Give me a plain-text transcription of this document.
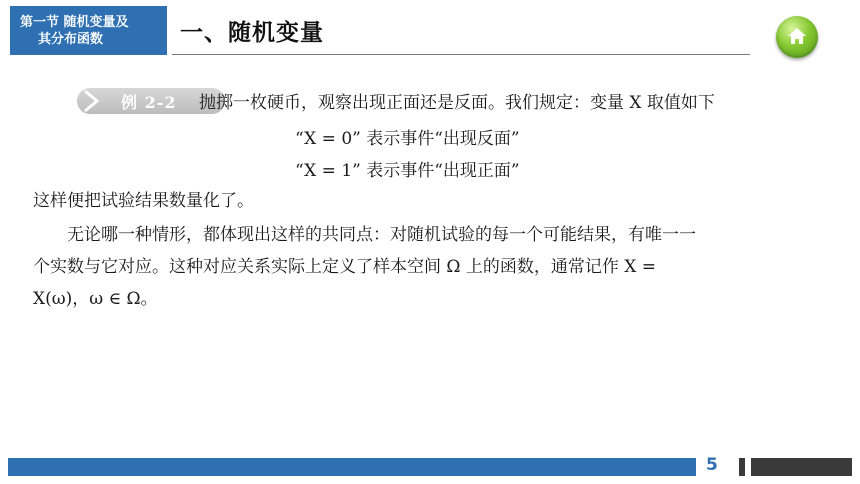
第一节 随机变量及
其分布函数	一、随机变量
例 2-2 抛掷一枚硬币，观察出现正面还是反面。我们规定：变量 X 取值如下
“X = 0” 表示事件“出现反面”
“X = 1” 表示事件“出现正面”
这样便把试验结果数量化了。
无论哪一种情形，都体现出这样的共同点：对随机试验的每一个可能结果，有唯一一
个实数与它对应。这种对应关系实际上定义了样本空间 Ω 上的函数，通常记作 X =
X(ω)，ω ∈ Ω。
5
